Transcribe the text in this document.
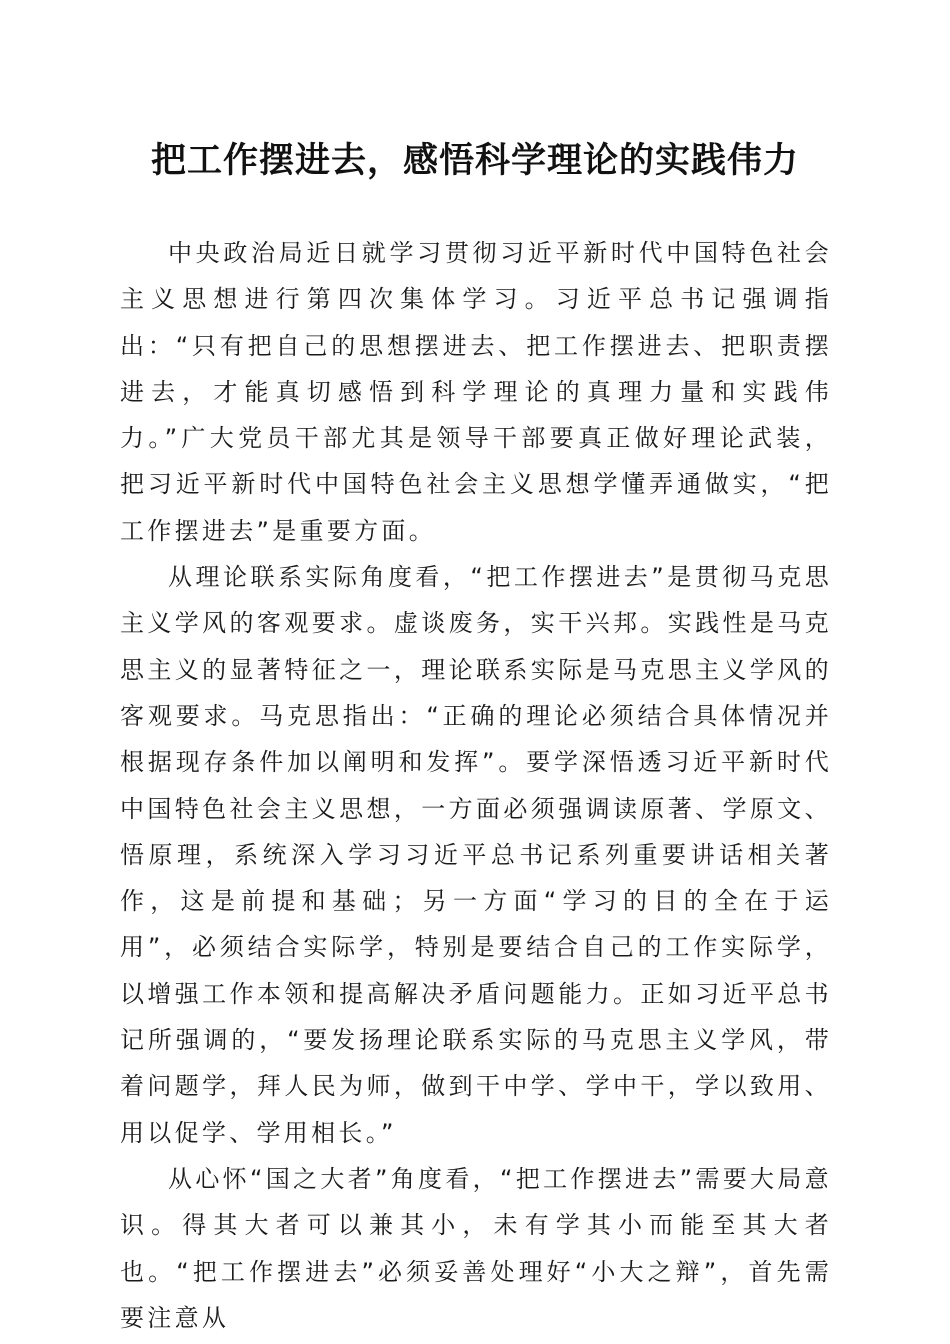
把工作摆进去，感悟科学理论的实践伟力

中央政治局近日就学习贯彻习近平新时代中国特色社会主义思想进行第四次集体学习。习近平总书记强调指出：“只有把自己的思想摆进去、把工作摆进去、把职责摆进去，才能真切感悟到科学理论的真理力量和实践伟力。”广大党员干部尤其是领导干部要真正做好理论武装，把习近平新时代中国特色社会主义思想学懂弄通做实，“把工作摆进去”是重要方面。

从理论联系实际角度看，“把工作摆进去”是贯彻马克思主义学风的客观要求。虚谈废务，实干兴邦。实践性是马克思主义的显著特征之一，理论联系实际是马克思主义学风的客观要求。马克思指出：“正确的理论必须结合具体情况并根据现存条件加以阐明和发挥”。要学深悟透习近平新时代中国特色社会主义思想，一方面必须强调读原著、学原文、悟原理，系统深入学习习近平总书记系列重要讲话相关著作，这是前提和基础；另一方面“学习的目的全在于运用”，必须结合实际学，特别是要结合自己的工作实际学，以增强工作本领和提高解决矛盾问题能力。正如习近平总书记所强调的，“要发扬理论联系实际的马克思主义学风，带着问题学，拜人民为师，做到干中学、学中干，学以致用、用以促学、学用相长。”

从心怀“国之大者”角度看，“把工作摆进去”需要大局意识。得其大者可以兼其小，未有学其小而能至其大者也。“把工作摆进去”必须妥善处理好“小大之辩”，首先需要注意从
